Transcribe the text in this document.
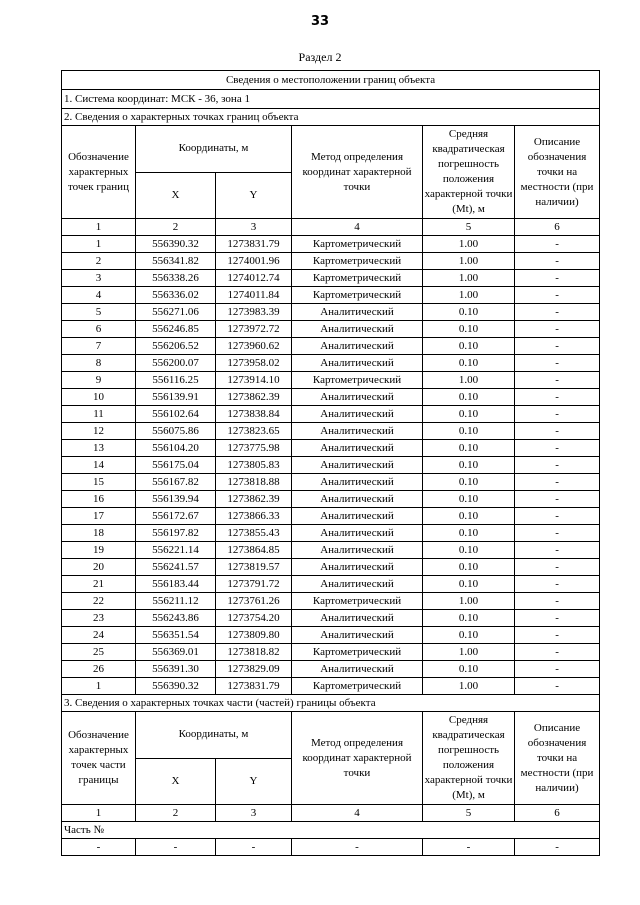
33
Раздел 2
Сведения о местоположении границ объекта					
1. Система координат: МСК - 36, зона 1					
2. Сведения о характерных точках границ объекта					
Обозначение характерных точек границ	Координаты, м		Метод определения координат характерной точки	Средняя квадратическая погрешность положения характерной точки (Mt), м	Описание обозначения точки на местности (при наличии)
	X	Y			
1	2	3	4	5	6
1	556390.32	1273831.79	Картометрический	1.00	-
2	556341.82	1274001.96	Картометрический	1.00	-
3	556338.26	1274012.74	Картометрический	1.00	-
4	556336.02	1274011.84	Картометрический	1.00	-
5	556271.06	1273983.39	Аналитический	0.10	-
6	556246.85	1273972.72	Аналитический	0.10	-
7	556206.52	1273960.62	Аналитический	0.10	-
8	556200.07	1273958.02	Аналитический	0.10	-
9	556116.25	1273914.10	Картометрический	1.00	-
10	556139.91	1273862.39	Аналитический	0.10	-
11	556102.64	1273838.84	Аналитический	0.10	-
12	556075.86	1273823.65	Аналитический	0.10	-
13	556104.20	1273775.98	Аналитический	0.10	-
14	556175.04	1273805.83	Аналитический	0.10	-
15	556167.82	1273818.88	Аналитический	0.10	-
16	556139.94	1273862.39	Аналитический	0.10	-
17	556172.67	1273866.33	Аналитический	0.10	-
18	556197.82	1273855.43	Аналитический	0.10	-
19	556221.14	1273864.85	Аналитический	0.10	-
20	556241.57	1273819.57	Аналитический	0.10	-
21	556183.44	1273791.72	Аналитический	0.10	-
22	556211.12	1273761.26	Картометрический	1.00	-
23	556243.86	1273754.20	Аналитический	0.10	-
24	556351.54	1273809.80	Аналитический	0.10	-
25	556369.01	1273818.82	Картометрический	1.00	-
26	556391.30	1273829.09	Аналитический	0.10	-
1	556390.32	1273831.79	Картометрический	1.00	-
3. Сведения о характерных точках части (частей) границы объекта					
Обозначение характерных точек части границы	Координаты, м		Метод определения координат характерной точки	Средняя квадратическая погрешность положения характерной точки (Mt), м	Описание обозначения точки на местности (при наличии)
	X	Y			
1	2	3	4	5	6
Часть №					
-	-	-	-	-	-
